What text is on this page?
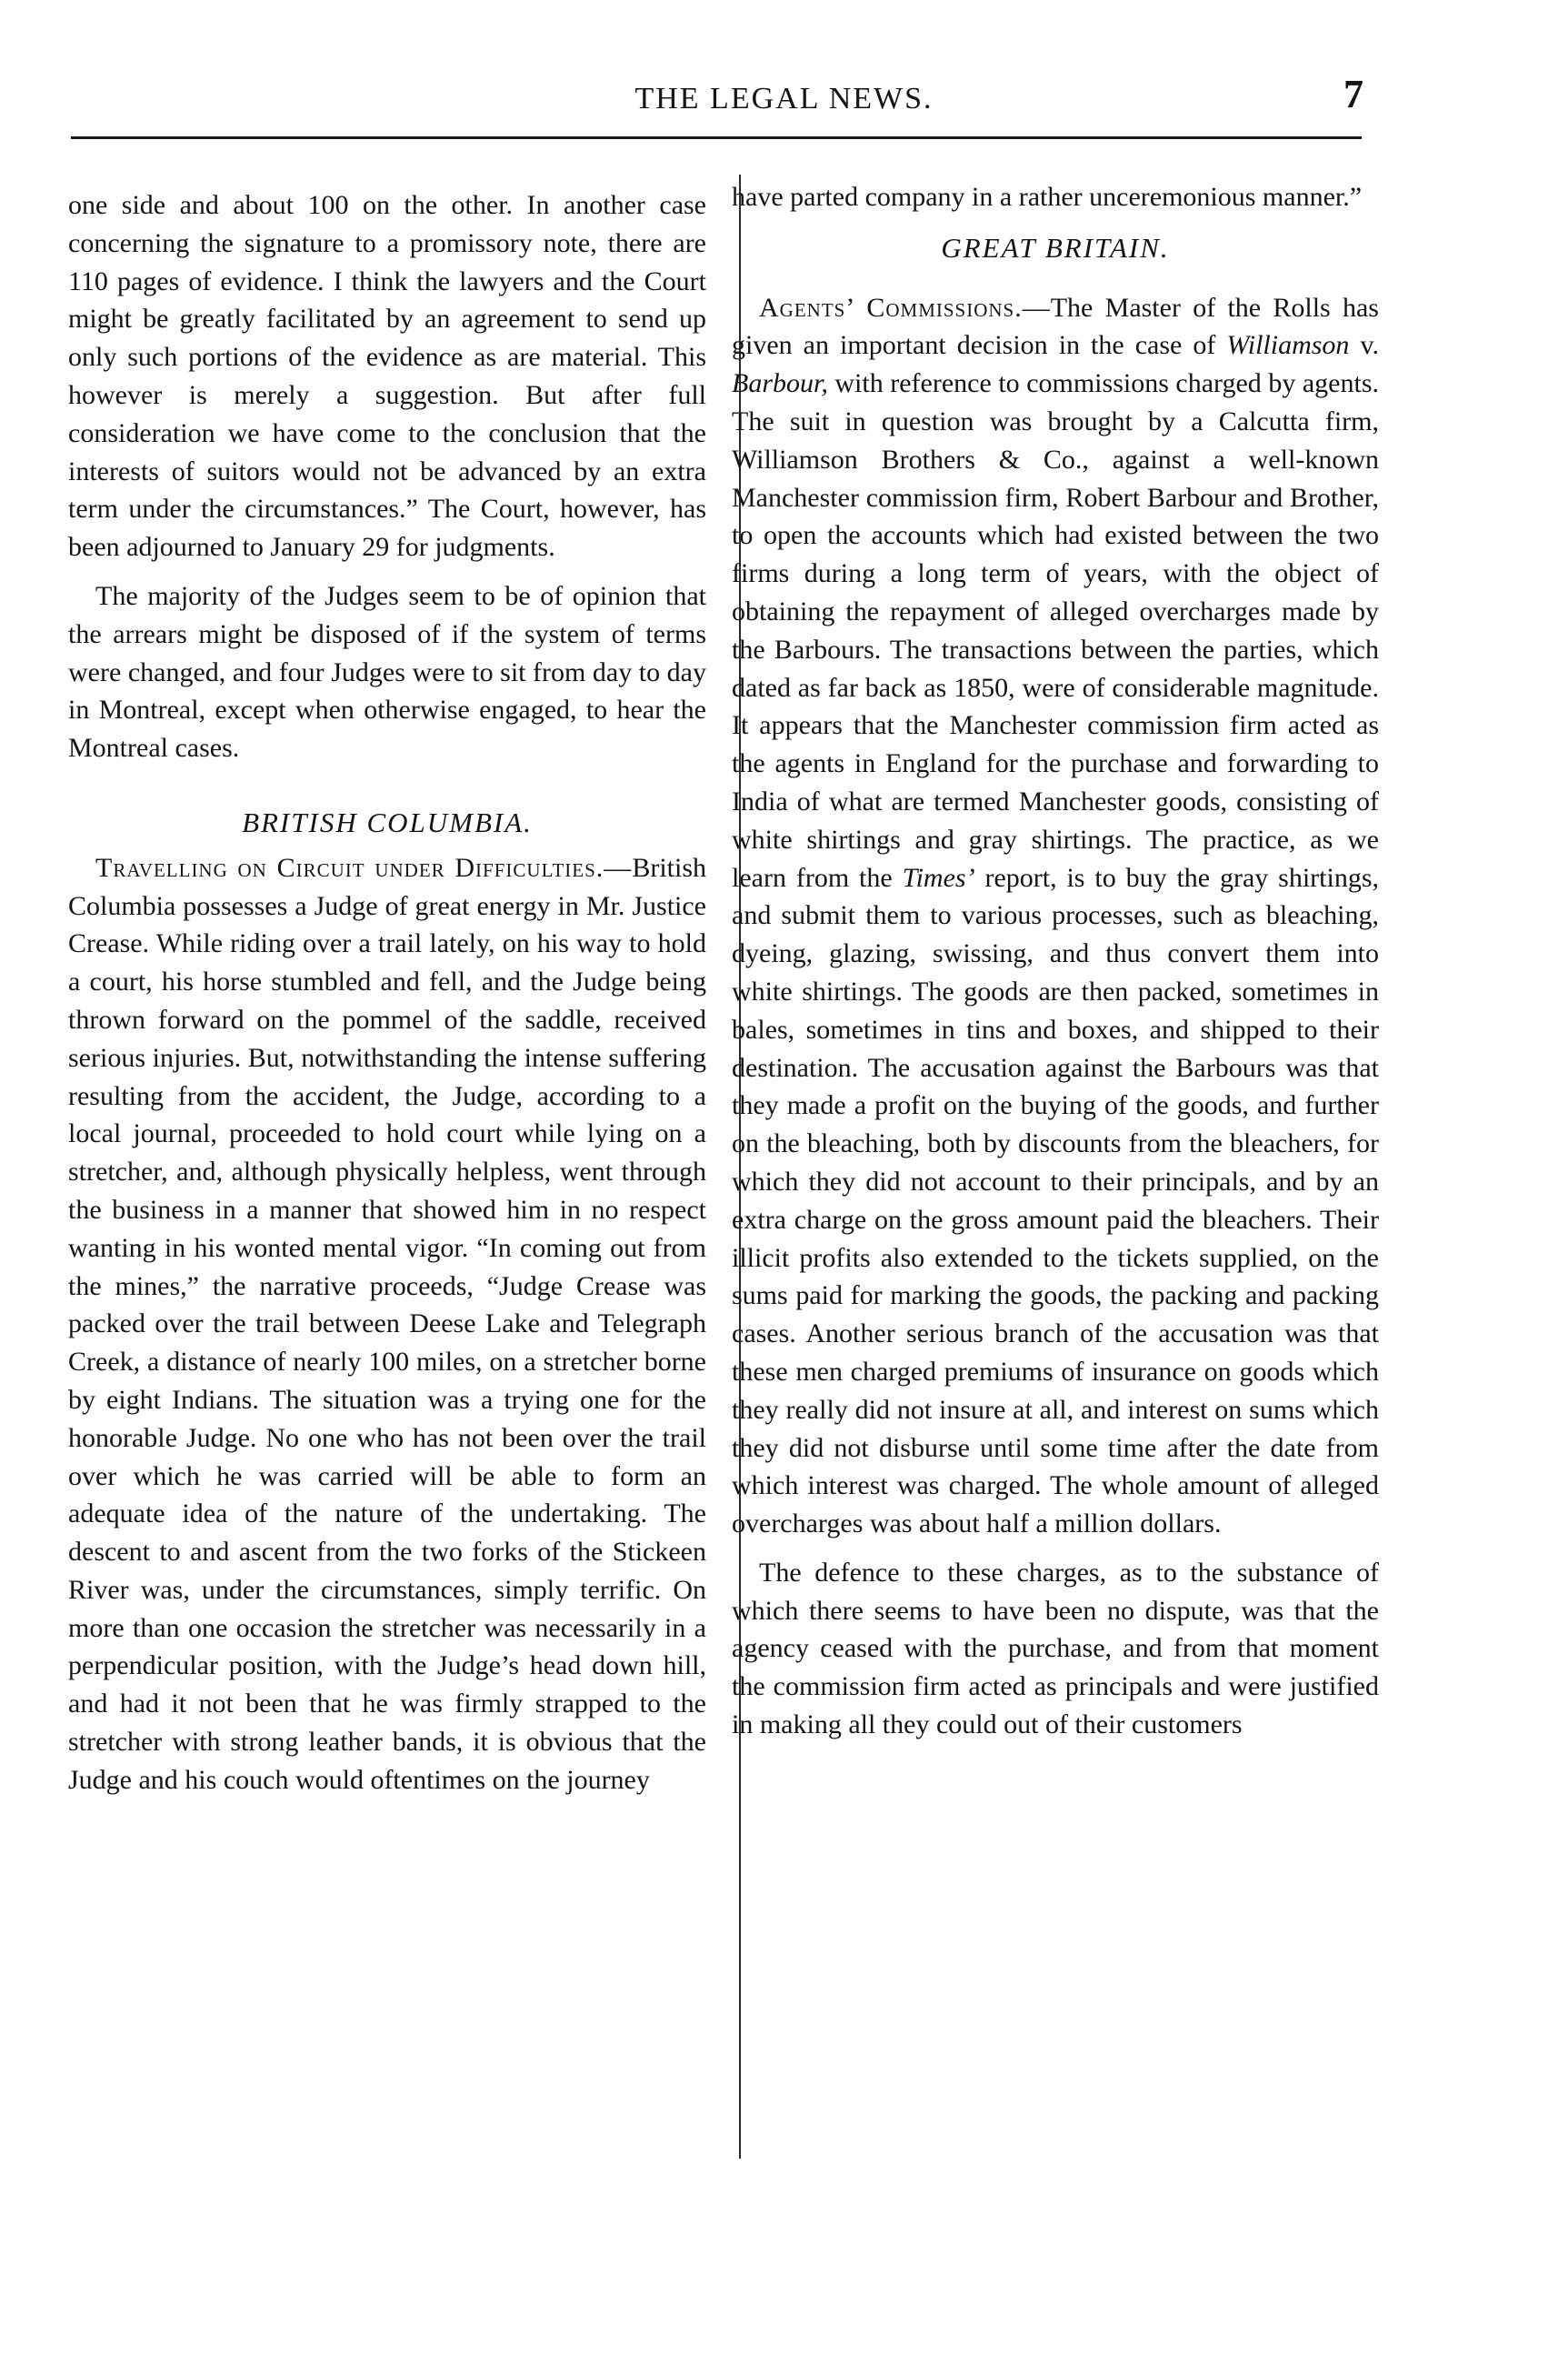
THE LEGAL NEWS.	7

one side and about 100 on the other. In another case concerning the signature to a promissory note, there are 110 pages of evidence. I think the lawyers and the Court might be greatly facilitated by an agreement to send up only such portions of the evidence as are material. This however is merely a suggestion. But after full consideration we have come to the conclusion that the interests of suitors would not be advanced by an extra term under the circumstances.” The Court, however, has been adjourned to January 29 for judgments.

The majority of the Judges seem to be of opinion that the arrears might be disposed of if the system of terms were changed, and four Judges were to sit from day to day in Montreal, except when otherwise engaged, to hear the Montreal cases.

BRITISH COLUMBIA.

Travelling on Circuit under Difficulties.—British Columbia possesses a Judge of great energy in Mr. Justice Crease. While riding over a trail lately, on his way to hold a court, his horse stumbled and fell, and the Judge being thrown forward on the pommel of the saddle, received serious injuries. But, notwithstanding the intense suffering resulting from the accident, the Judge, according to a local journal, proceeded to hold court while lying on a stretcher, and, although physically helpless, went through the business in a manner that showed him in no respect wanting in his wonted mental vigor. “In coming out from the mines,” the narrative proceeds, “Judge Crease was packed over the trail between Deese Lake and Telegraph Creek, a distance of nearly 100 miles, on a stretcher borne by eight Indians. The situation was a trying one for the honorable Judge. No one who has not been over the trail over which he was carried will be able to form an adequate idea of the nature of the undertaking. The descent to and ascent from the two forks of the Stickeen River was, under the circumstances, simply terrific. On more than one occasion the stretcher was necessarily in a perpendicular position, with the Judge’s head down hill, and had it not been that he was firmly strapped to the stretcher with strong leather bands, it is obvious that the Judge and his couch would oftentimes on the journey

have parted company in a rather unceremonious manner.”

GREAT BRITAIN.

Agents’ Commissions.—The Master of the Rolls has given an important decision in the case of Williamson v. Barbour, with reference to commissions charged by agents. The suit in question was brought by a Calcutta firm, Williamson Brothers & Co., against a well-known Manchester commission firm, Robert Barbour and Brother, to open the accounts which had existed between the two firms during a long term of years, with the object of obtaining the repayment of alleged overcharges made by the Barbours. The transactions between the parties, which dated as far back as 1850, were of considerable magnitude. It appears that the Manchester commission firm acted as the agents in England for the purchase and forwarding to India of what are termed Manchester goods, consisting of white shirtings and gray shirtings. The practice, as we learn from the Times’ report, is to buy the gray shirtings, and submit them to various processes, such as bleaching, dyeing, glazing, swissing, and thus convert them into white shirtings. The goods are then packed, sometimes in bales, sometimes in tins and boxes, and shipped to their destination. The accusation against the Barbours was that they made a profit on the buying of the goods, and further on the bleaching, both by discounts from the bleachers, for which they did not account to their principals, and by an extra charge on the gross amount paid the bleachers. Their illicit profits also extended to the tickets supplied, on the sums paid for marking the goods, the packing and packing cases. Another serious branch of the accusation was that these men charged premiums of insurance on goods which they really did not insure at all, and interest on sums which they did not disburse until some time after the date from which interest was charged. The whole amount of alleged overcharges was about half a million dollars.

The defence to these charges, as to the substance of which there seems to have been no dispute, was that the agency ceased with the purchase, and from that moment the commission firm acted as principals and were justified in making all they could out of their customers
